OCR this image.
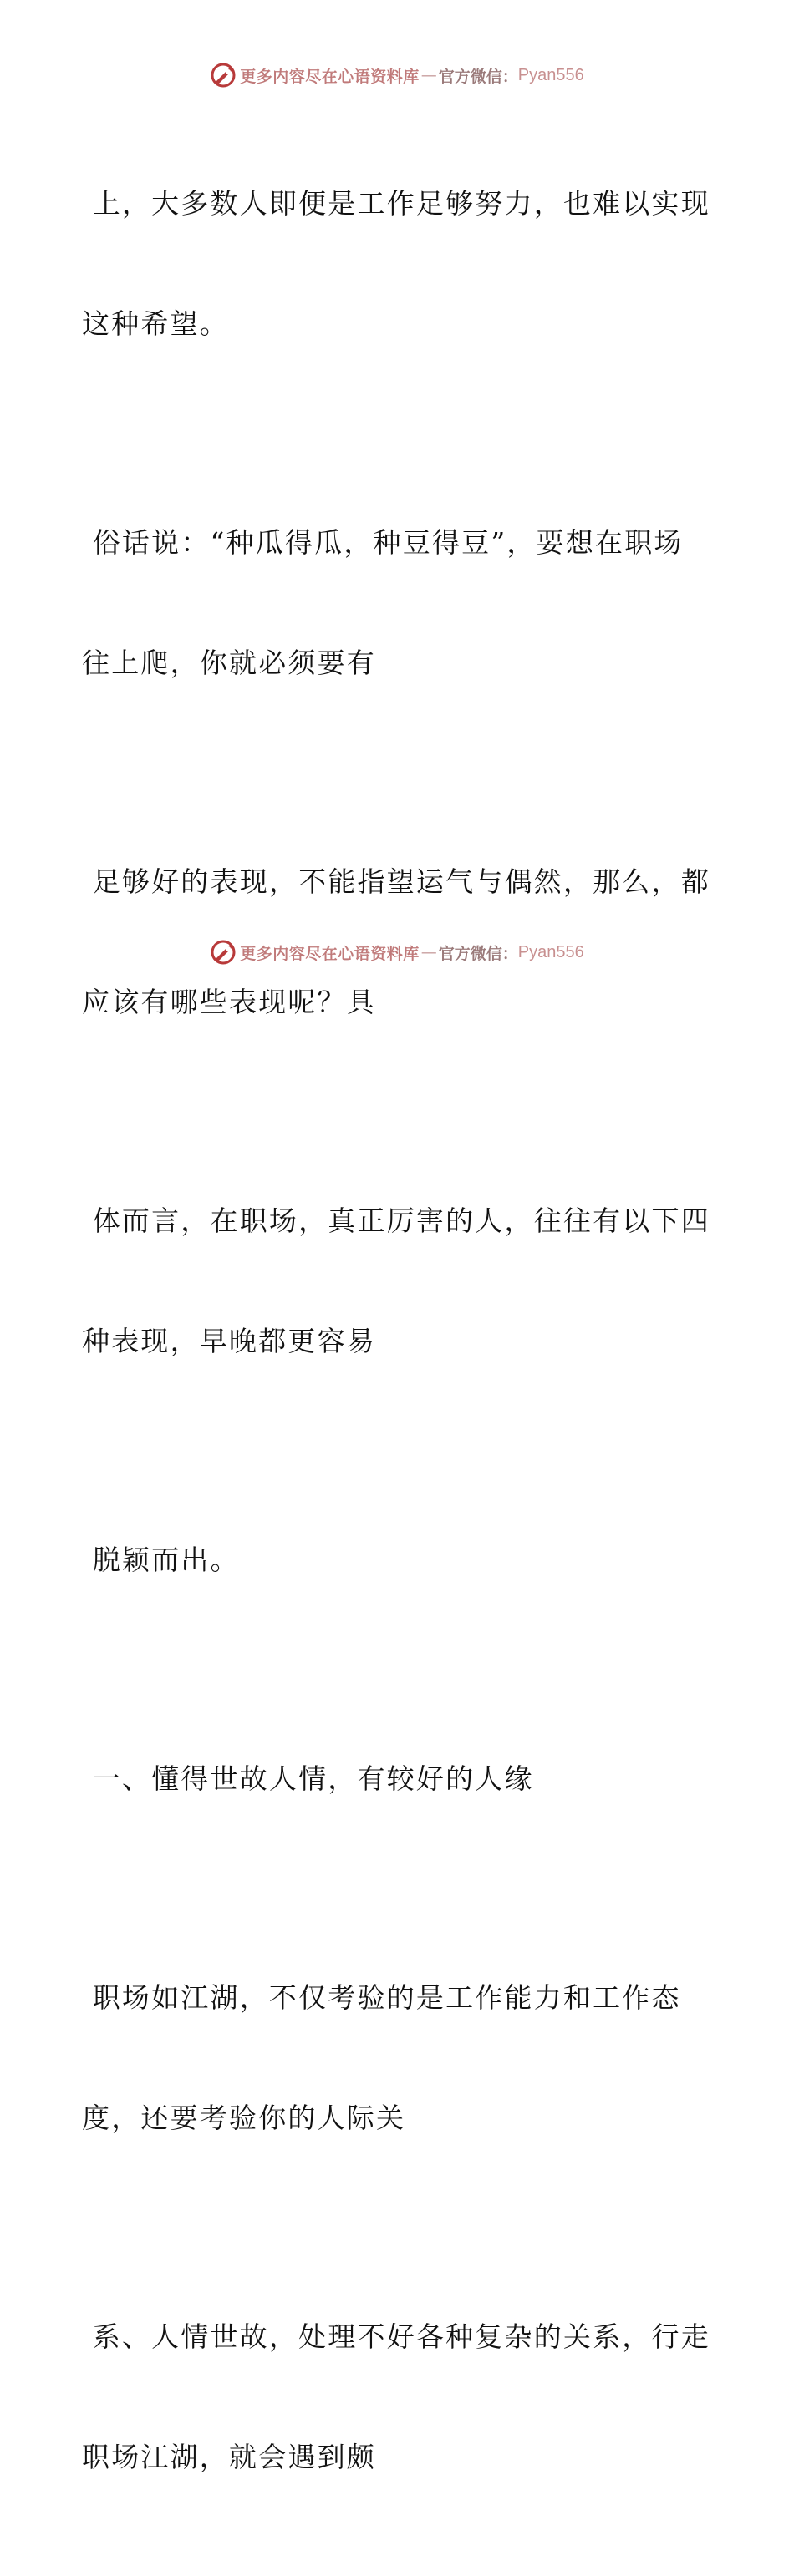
更多内容尽在心语资料库 — 官方微信： Pyan556

上，大多数人即便是工作足够努力，也难以实现

这种希望。

俗话说：“种瓜得瓜，种豆得豆”，要想在职场

往上爬，你就必须要有

足够好的表现，不能指望运气与偶然，那么，都

应该有哪些表现呢？具

体而言，在职场，真正厉害的人，往往有以下四

种表现，早晚都更容易

脱颖而出。

一、懂得世故人情，有较好的人缘

职场如江湖，不仅考验的是工作能力和工作态

度，还要考验你的人际关

系、人情世故，处理不好各种复杂的关系，行走

职场江湖，就会遇到颇

更多内容尽在心语资料库 — 官方微信： Pyan556
